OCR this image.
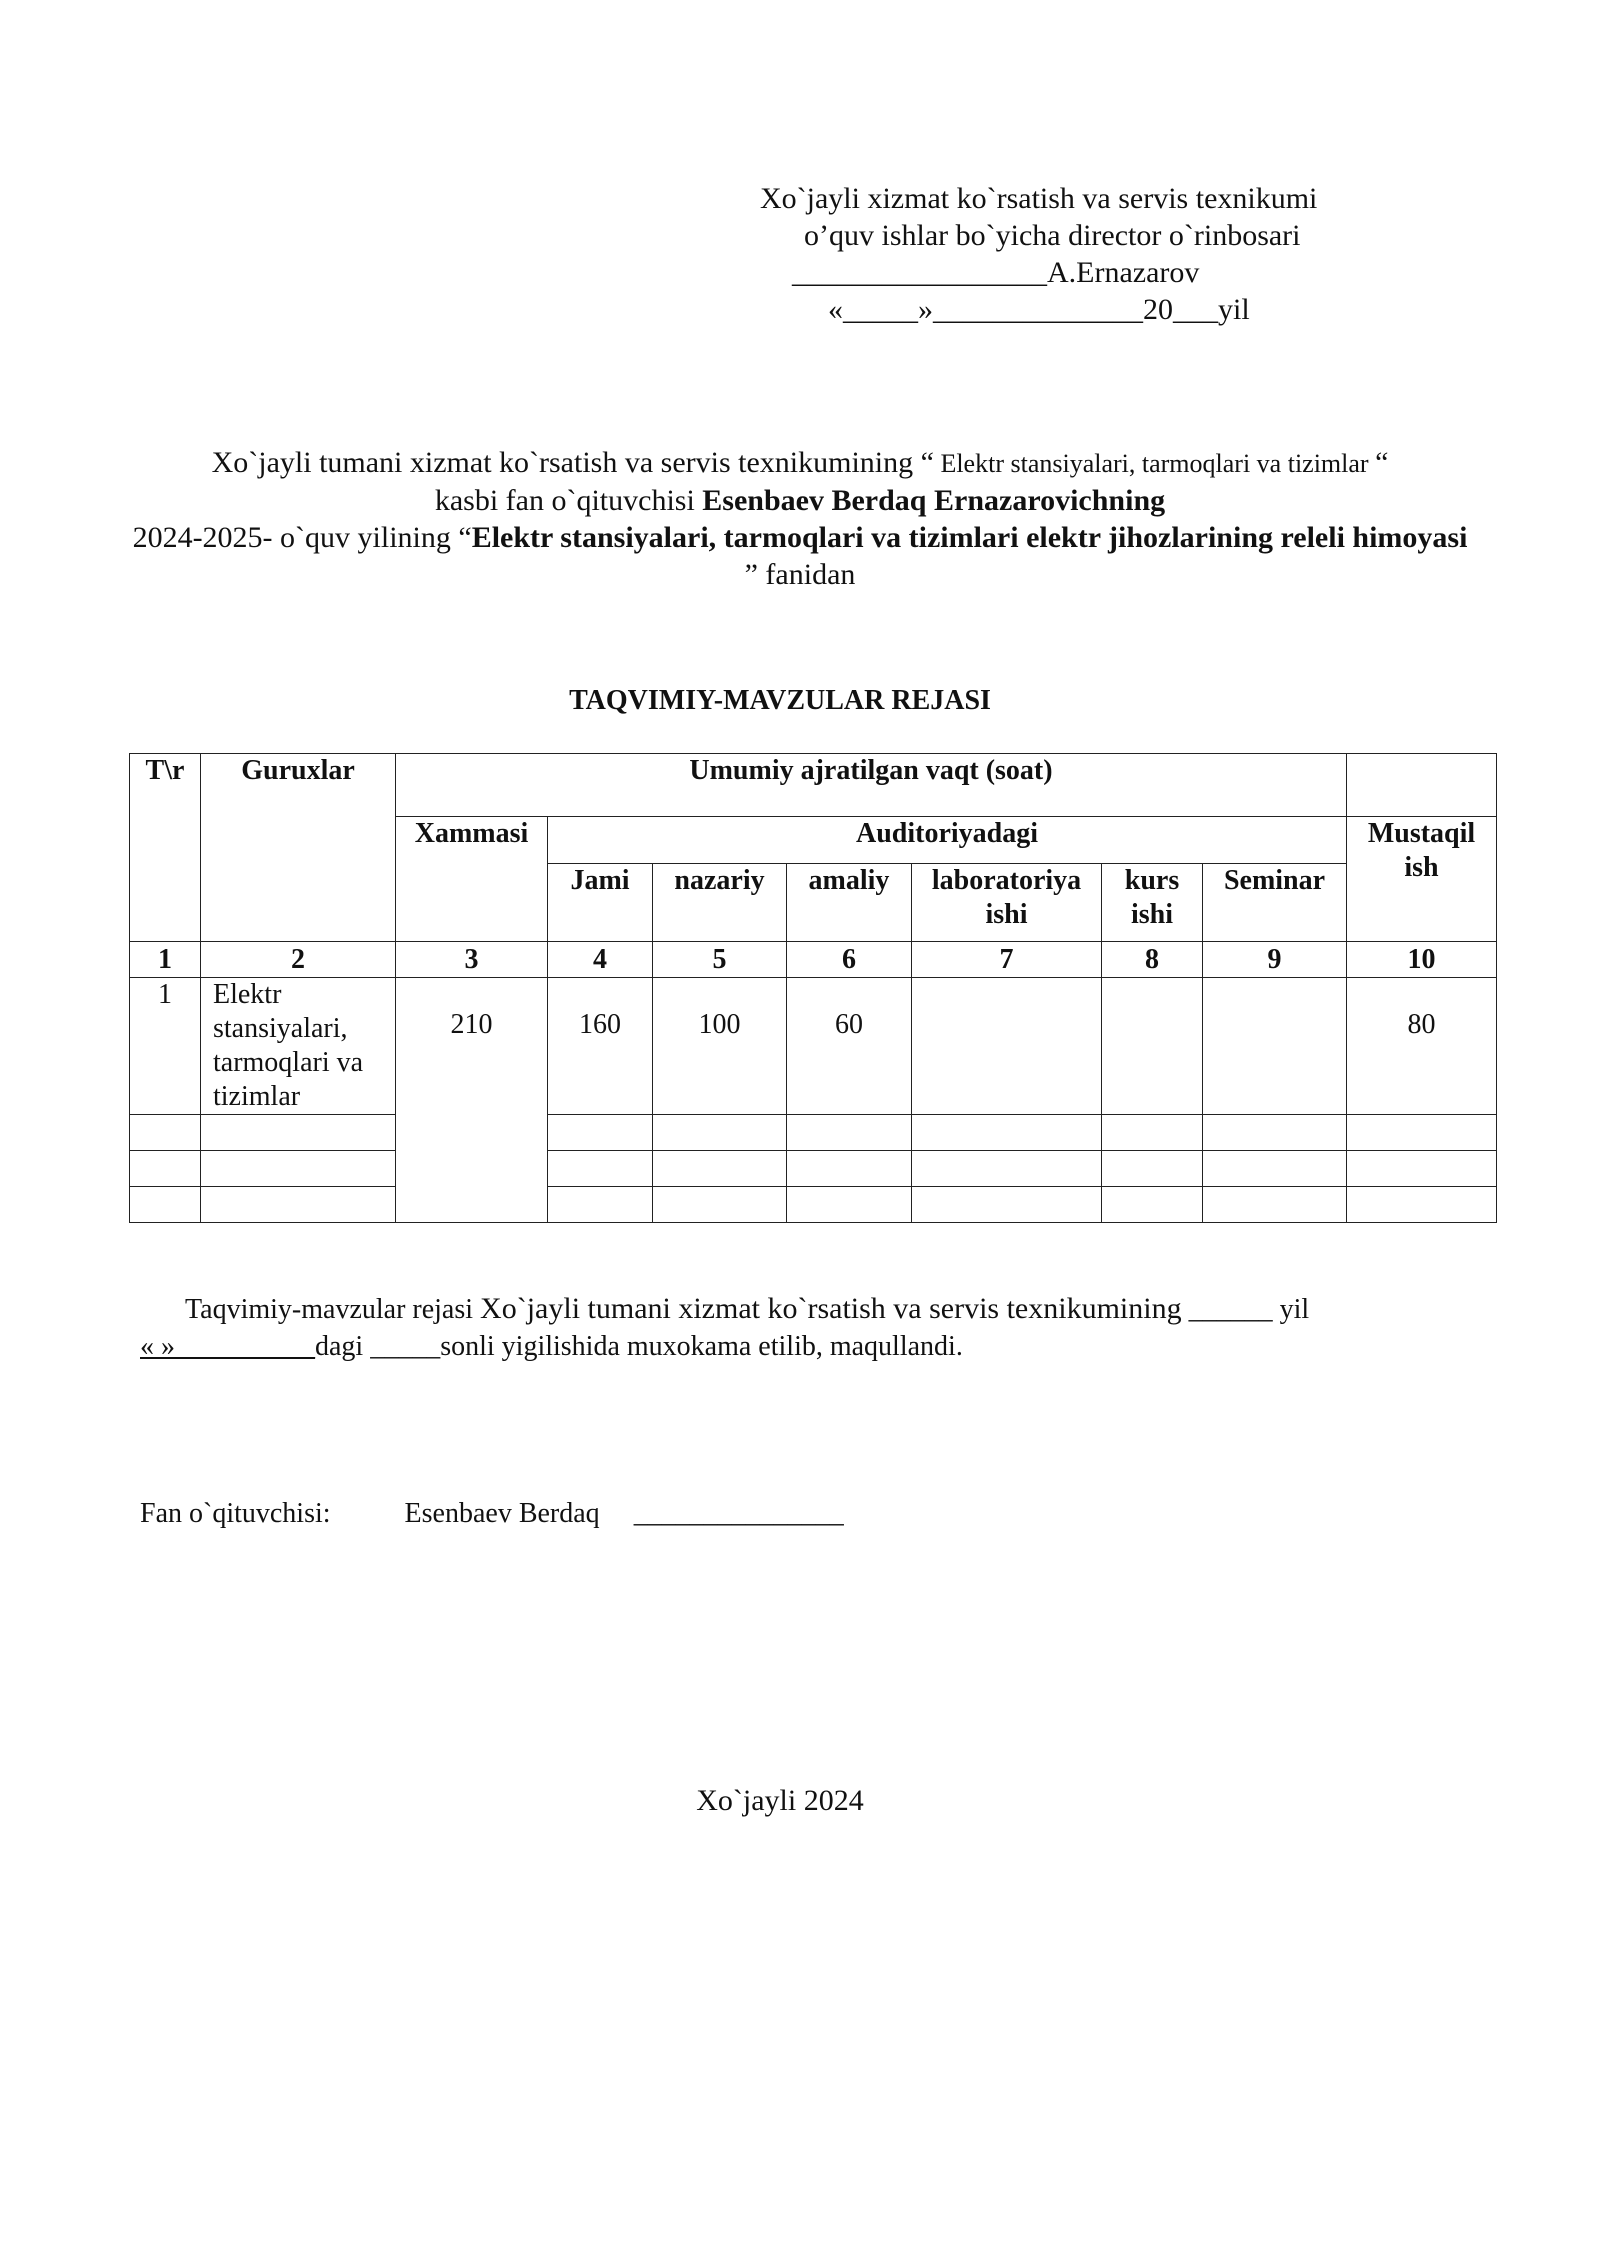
Xo`jayli xizmat ko`rsatish va servis texnikumi
o’quv ishlar bo`yicha director o`rinbosari
_________________A.Ernazarov
«_____»______________20___yil
Xo`jayli tumani xizmat ko`rsatish va servis texnikumining “ Elektr stansiyalari, tarmoqlari va tizimlar “
kasbi fan o`qituvchisi Esenbaev Berdaq Ernazarovichning
2024-2025- o`quv yilining “Elektr stansiyalari, tarmoqlari va tizimlari elektr jihozlarining releli himoyasi ” fanidan
TAQVIMIY-MAVZULAR REJASI
T\r	Guruxlar	Umumiy ajratilgan vaqt (soat)							
		Xammasi	Auditoriyadagi						Mustaqil ish
			Jami	nazariy	amaliy	laboratoriya ishi	kurs ishi	Seminar	
1	2	3	4	5	6	7	8	9	10
1	Elektr stansiyalari, tarmoqlari va tizimlar	210	160	100	60				80

Taqvimiy-mavzular rejasi Xo`jayli tumani xizmat ko`rsatish va servis texnikumining ______ yil
« »__________dagi _____sonli yigilishida muxokama etilib, maqullandi.
Fan o`qituvchisi:	Esenbaev Berdaq _______________
Xo`jayli 2024
